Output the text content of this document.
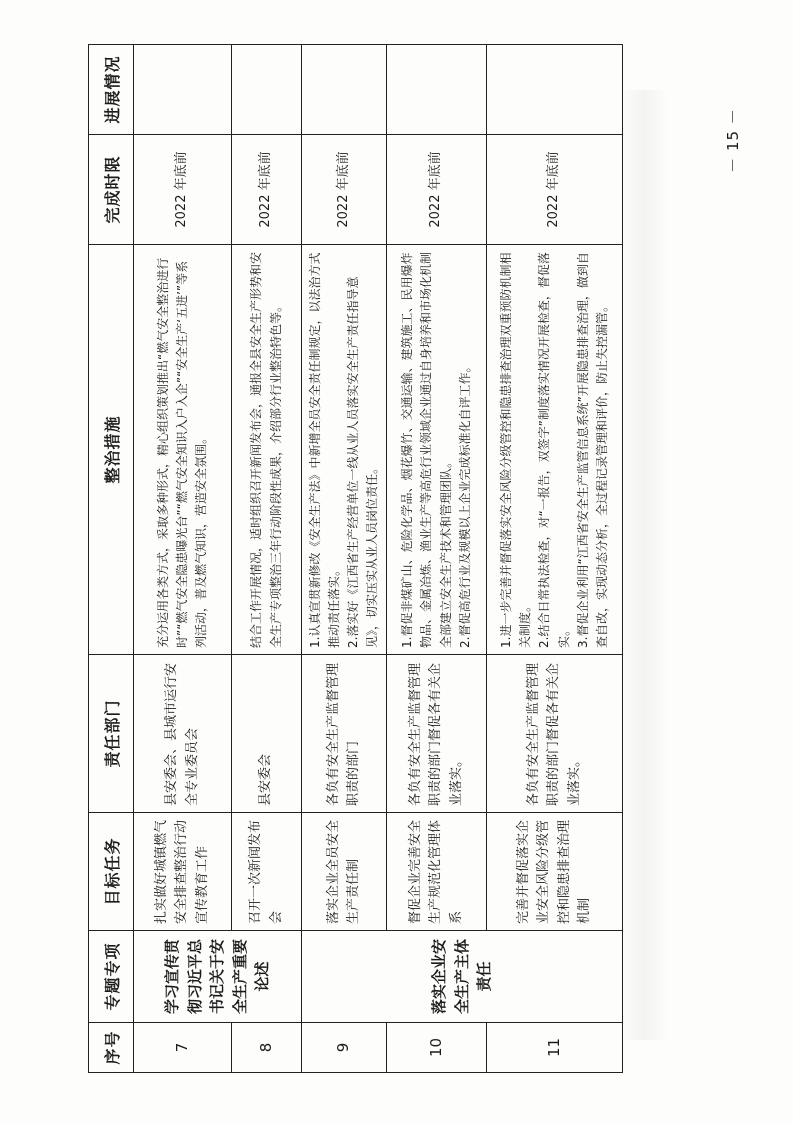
序号	专题专项	目标任务	责任部门	整治措施	完成时限	进展情况
7	学习宣传贯彻习近平总书记关于安全生产重要论述	扎实做好城镇燃气安全排查整治行动宣传教育工作	县安委会、县城市运行安全专业委员会	充分运用各类方式，采取多种形式，精心组织策划推出“燃气安全整治进行时”“燃气安全隐患曝光台”“燃气安全知识入户入企”“安全生产‘五进’”等系列活动，普及燃气知识，营造安全氛围。	2022 年底前	
8		召开一次新闻发布会	县安委会	结合工作开展情况，适时组织召开新闻发布会，通报全县安全生产形势和安全生产专项整治三年行动阶段性成果，介绍部分行业整治特色等。	2022 年底前	
9	落实企业安全生产主体责任	落实企业全员安全生产责任制	各负有安全生产监督管理职责的部门	1.认真宣贯新修改《安全生产法》中新增全员安全责任制规定，以法治方式推动责任落实。
2.落实好《江西省生产经营单位一线从业人员落实安全生产责任指导意见》，切实压实从业人员岗位责任。	2022 年底前	
10		督促企业完善安全生产规范化管理体系	各负有安全生产监督管理职责的部门督促各有关企业落实。	1.督促非煤矿山、危险化学品、烟花爆竹、交通运输、建筑施工、民用爆炸物品、金属冶炼、渔业生产等高危行业领域企业通过自身培养和市场化机制全部建立安全生产技术和管理团队。
2.督促高危行业及规模以上企业完成标准化自评工作。	2022 年底前	
11		完善并督促落实企业安全风险分级管控和隐患排查治理机制	各负有安全生产监督管理职责的部门督促各有关企业落实。	1.进一步完善并督促落实安全风险分级管控和隐患排查治理双重预防机制相关制度。
2.结合日常执法检查，对“一报告，双签字”制度落实情况开展检查，督促落实。
3.督促企业利用“江西省安全生产监管信息系统”开展隐患排查治理，做到自查自改，实现动态分析，全过程记录管理和评价，防止失控漏管。	2022 年底前	
－ 15 －
